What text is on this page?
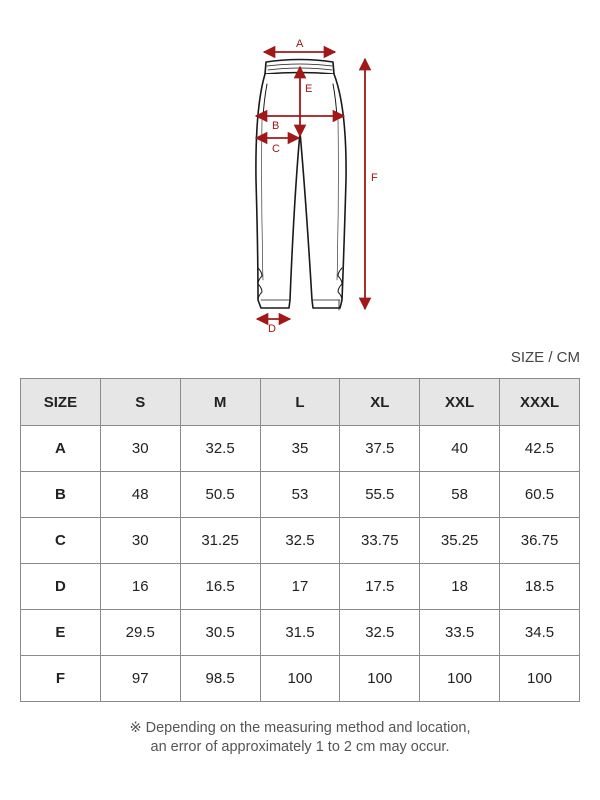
A
E
B
C
D
F
SIZE / CM
SIZE	S	M	L	XL	XXL	XXXL
A	30	32.5	35	37.5	40	42.5
B	48	50.5	53	55.5	58	60.5
C	30	31.25	32.5	33.75	35.25	36.75
D	16	16.5	17	17.5	18	18.5
E	29.5	30.5	31.5	32.5	33.5	34.5
F	97	98.5	100	100	100	100
※ Depending on the measuring method and location,
an error of approximately 1 to 2 cm may occur.
